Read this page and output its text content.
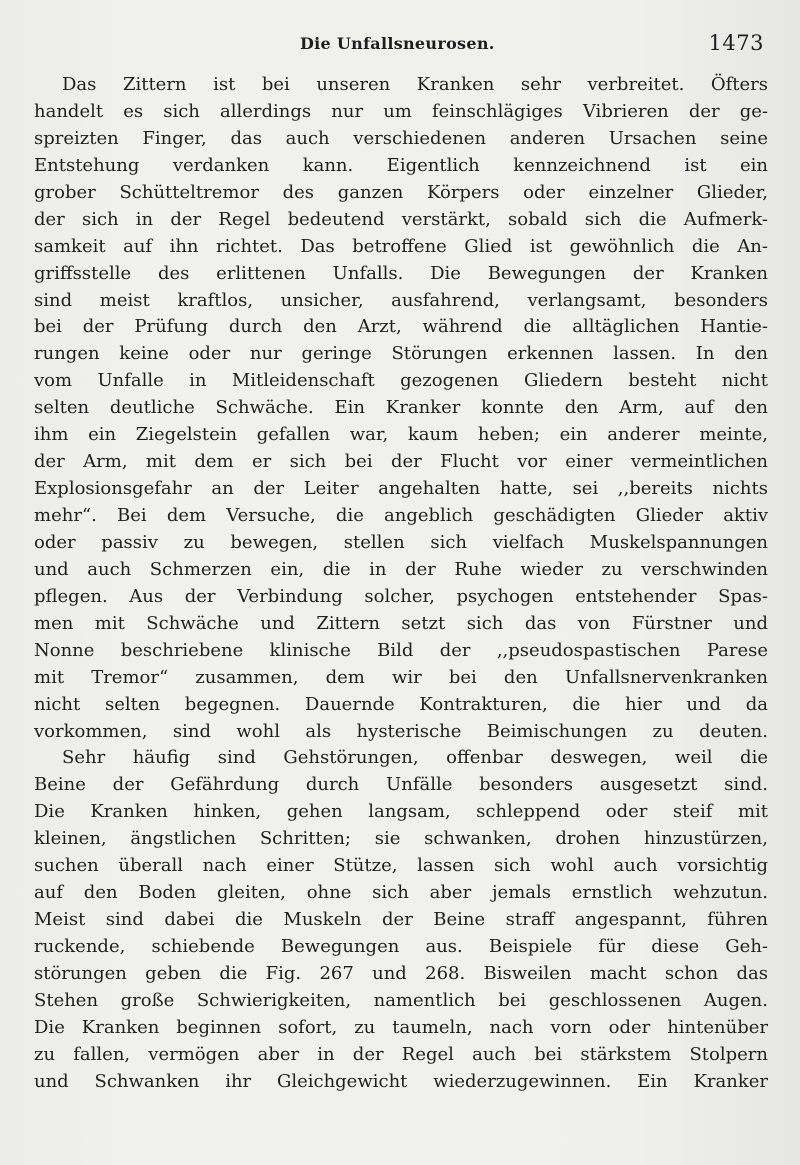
Die Unfallsneurosen.	1473
Das Zittern ist bei unseren Kranken sehr verbreitet. Öfters
handelt es sich allerdings nur um feinschlägiges Vibrieren der ge-
spreizten Finger, das auch verschiedenen anderen Ursachen seine
Entstehung verdanken kann. Eigentlich kennzeichnend ist ein
grober Schütteltremor des ganzen Körpers oder einzelner Glieder,
der sich in der Regel bedeutend verstärkt, sobald sich die Aufmerk-
samkeit auf ihn richtet. Das betroffene Glied ist gewöhnlich die An-
griffsstelle des erlittenen Unfalls. Die Bewegungen der Kranken
sind meist kraftlos, unsicher, ausfahrend, verlangsamt, besonders
bei der Prüfung durch den Arzt, während die alltäglichen Hantie-
rungen keine oder nur geringe Störungen erkennen lassen. In den
vom Unfalle in Mitleidenschaft gezogenen Gliedern besteht nicht
selten deutliche Schwäche. Ein Kranker konnte den Arm, auf den
ihm ein Ziegelstein gefallen war, kaum heben; ein anderer meinte,
der Arm, mit dem er sich bei der Flucht vor einer vermeintlichen
Explosionsgefahr an der Leiter angehalten hatte, sei ,,bereits nichts
mehr“. Bei dem Versuche, die angeblich geschädigten Glieder aktiv
oder passiv zu bewegen, stellen sich vielfach Muskelspannungen
und auch Schmerzen ein, die in der Ruhe wieder zu verschwinden
pflegen. Aus der Verbindung solcher, psychogen entstehender Spas-
men mit Schwäche und Zittern setzt sich das von Fürstner und
Nonne beschriebene klinische Bild der ,,pseudospastischen Parese
mit Tremor“ zusammen, dem wir bei den Unfallsnervenkranken
nicht selten begegnen. Dauernde Kontrakturen, die hier und da
vorkommen, sind wohl als hysterische Beimischungen zu deuten.
Sehr häufig sind Gehstörungen, offenbar deswegen, weil die
Beine der Gefährdung durch Unfälle besonders ausgesetzt sind.
Die Kranken hinken, gehen langsam, schleppend oder steif mit
kleinen, ängstlichen Schritten; sie schwanken, drohen hinzustürzen,
suchen überall nach einer Stütze, lassen sich wohl auch vorsichtig
auf den Boden gleiten, ohne sich aber jemals ernstlich wehzutun.
Meist sind dabei die Muskeln der Beine straff angespannt, führen
ruckende, schiebende Bewegungen aus. Beispiele für diese Geh-
störungen geben die Fig. 267 und 268. Bisweilen macht schon das
Stehen große Schwierigkeiten, namentlich bei geschlossenen Augen.
Die Kranken beginnen sofort, zu taumeln, nach vorn oder hintenüber
zu fallen, vermögen aber in der Regel auch bei stärkstem Stolpern
und Schwanken ihr Gleichgewicht wiederzugewinnen. Ein Kranker
